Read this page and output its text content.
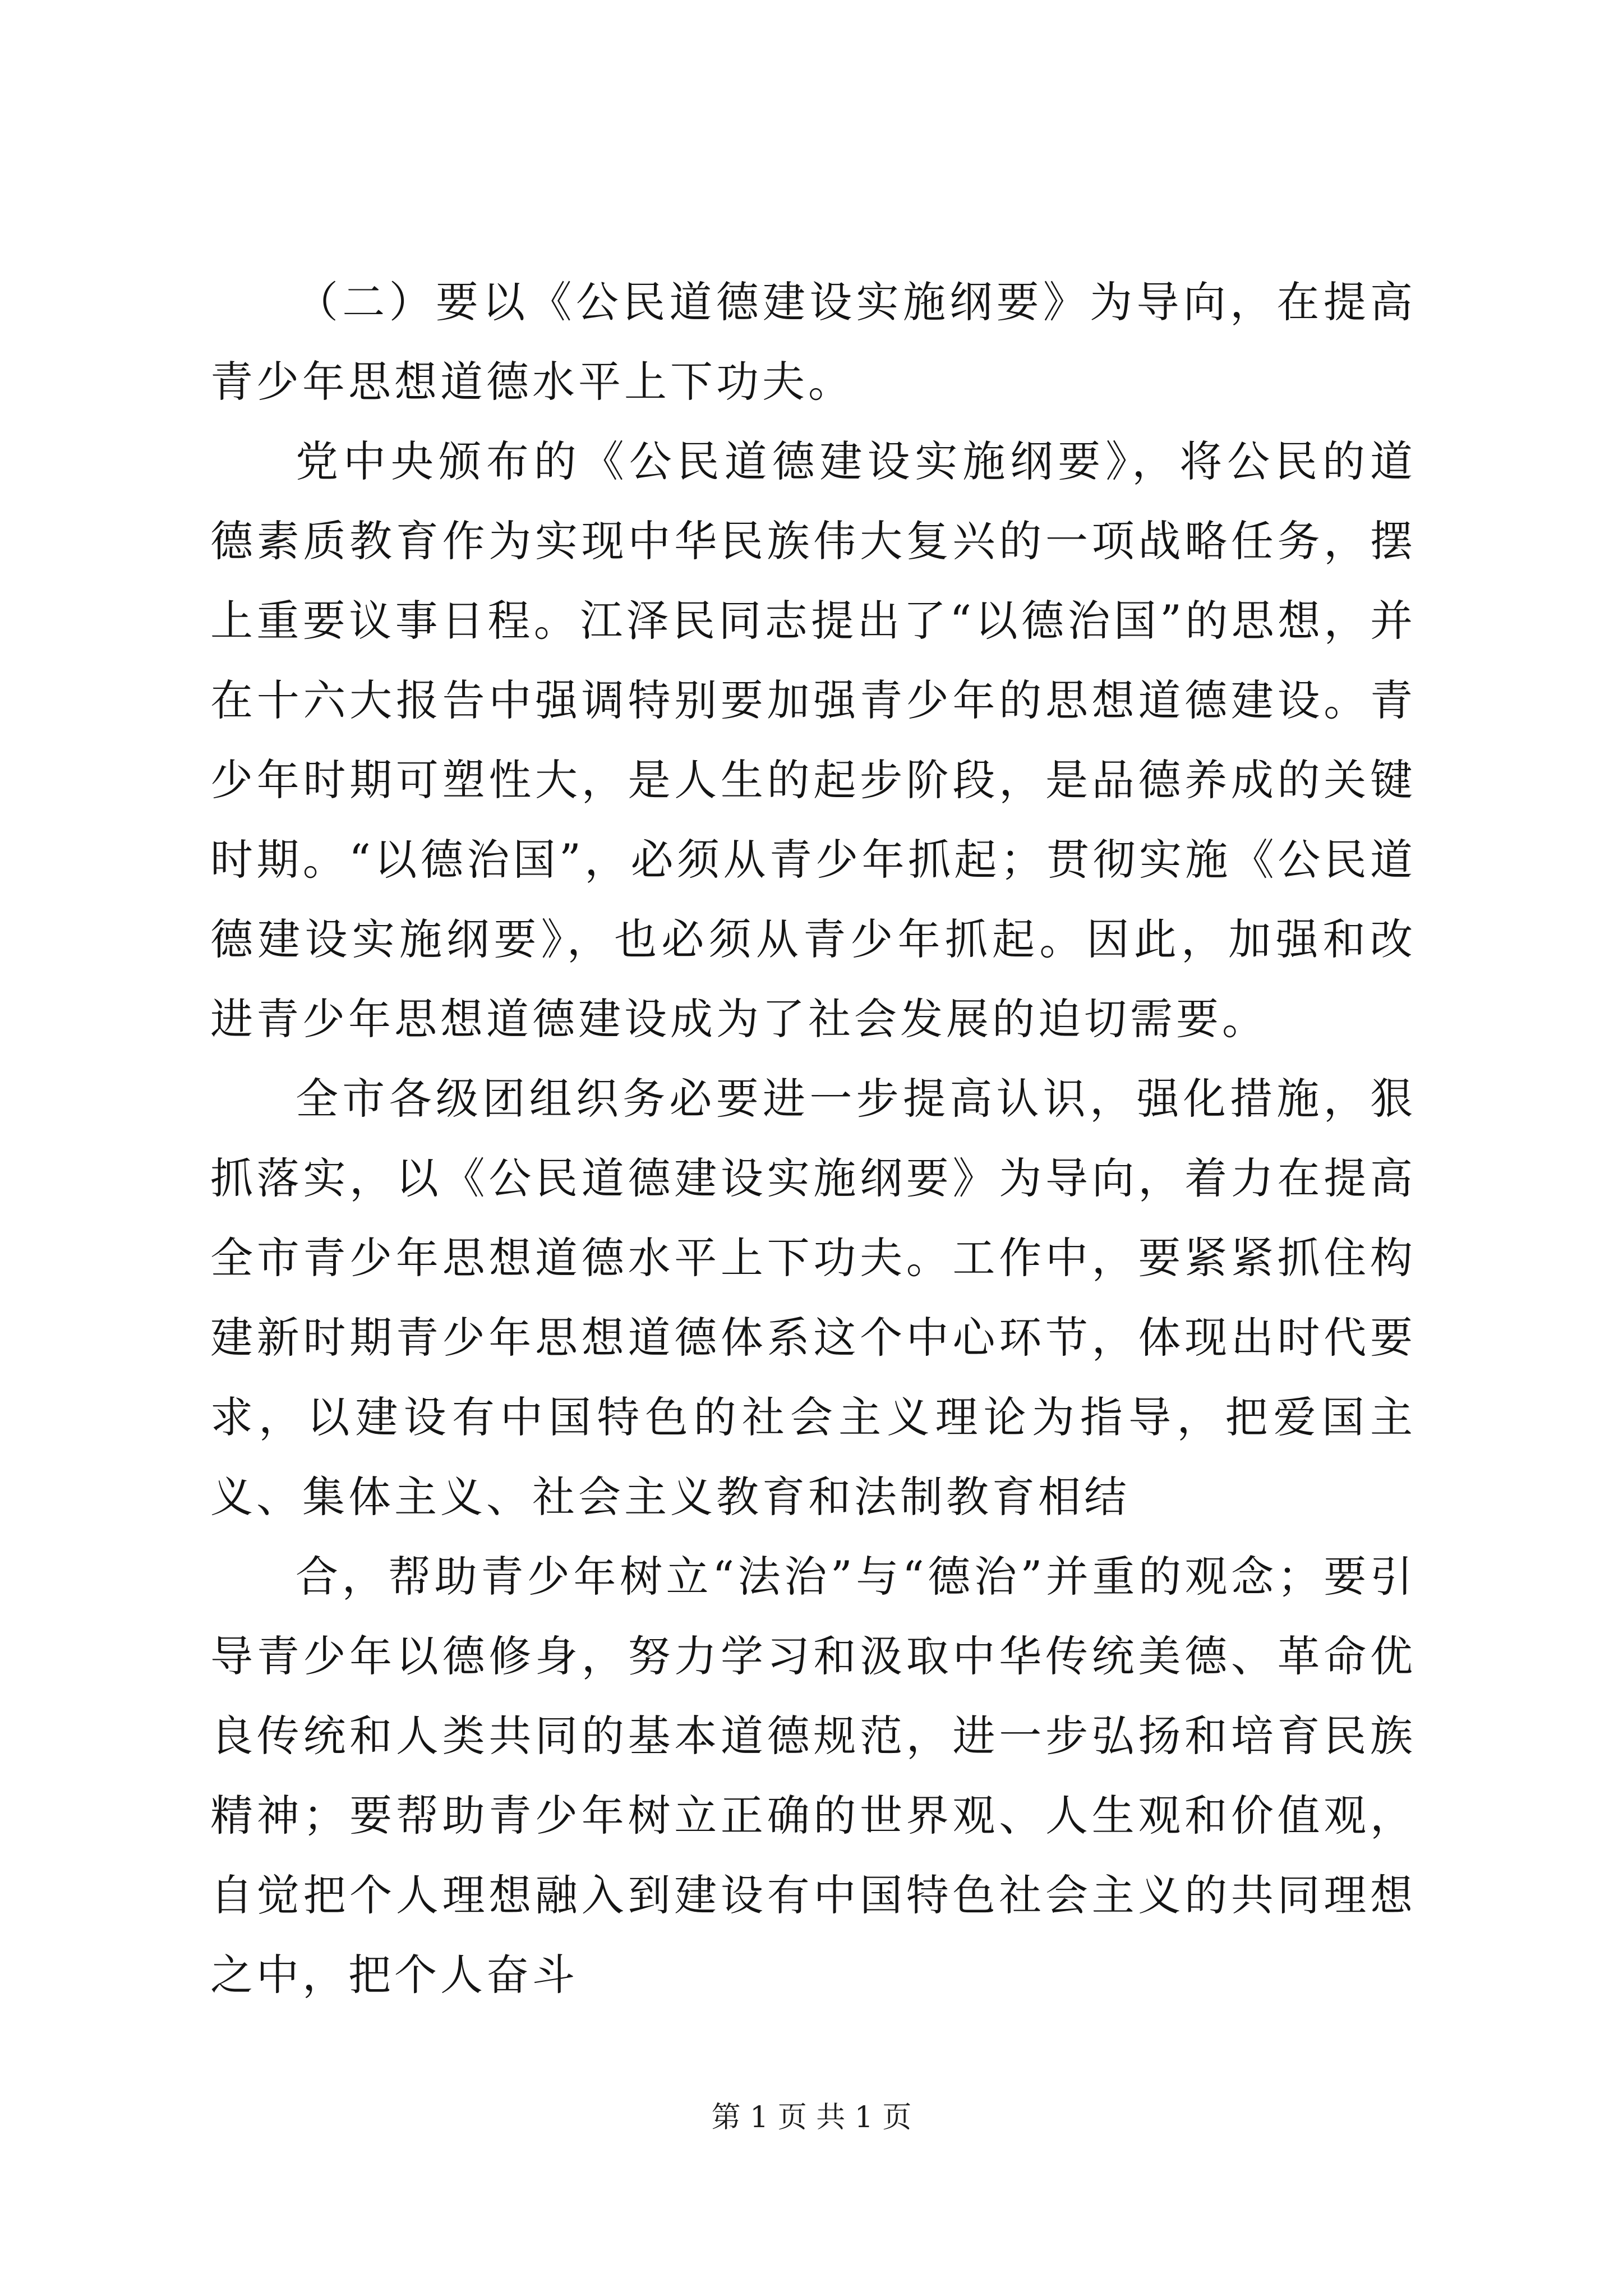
（二）要以《公民道德建设实施纲要》为导向，在提高青少年思想道德水平上下功夫。

党中央颁布的《公民道德建设实施纲要》，将公民的道德素质教育作为实现中华民族伟大复兴的一项战略任务，摆上重要议事日程。江泽民同志提出了“以德治国”的思想，并在十六大报告中强调特别要加强青少年的思想道德建设。青少年时期可塑性大，是人生的起步阶段，是品德养成的关键时期。“以德治国”，必须从青少年抓起；贯彻实施《公民道德建设实施纲要》，也必须从青少年抓起。因此，加强和改进青少年思想道德建设成为了社会发展的迫切需要。

全市各级团组织务必要进一步提高认识，强化措施，狠抓落实，以《公民道德建设实施纲要》为导向，着力在提高全市青少年思想道德水平上下功夫。工作中，要紧紧抓住构建新时期青少年思想道德体系这个中心环节，体现出时代要求，以建设有中国特色的社会主义理论为指导，把爱国主义、集体主义、社会主义教育和法制教育相结

合，帮助青少年树立“法治”与“德治”并重的观念；要引导青少年以德修身，努力学习和汲取中华传统美德、革命优良传统和人类共同的基本道德规范，进一步弘扬和培育民族精神；要帮助青少年树立正确的世界观、人生观和价值观，自觉把个人理想融入到建设有中国特色社会主义的共同理想之中，把个人奋斗

第 1 页 共 1 页
